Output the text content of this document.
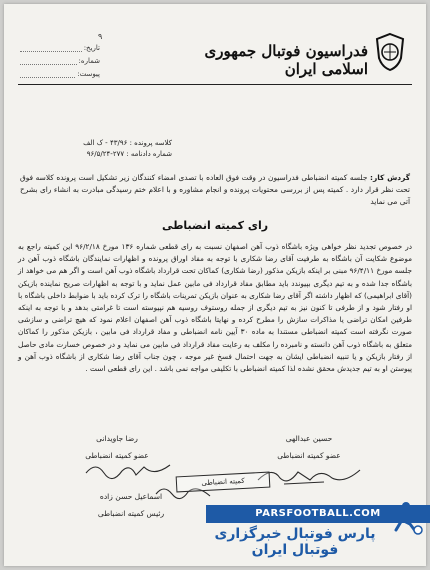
فدراسیون فوتبال جمهوری اسلامی ایران
۹
تاریخ:
شماره:
پیوست:
کلاسه پرونده : ۴۳/۹۶ - ک الف
شماره دادنامه : ۲۷۷-۹۶/۵/۲۴
گردش کار: جلسه کمیته انضباطی فدراسیون در وقت فوق العاده با تصدی امضاء کنندگان زیر تشکیل است پرونده کلاسه فوق تحت نظر قرار دارد . کمیته پس از بررسی محتویات پرونده و انجام مشاوره و با اعلام ختم رسیدگی مبادرت به انشاء رای بشرح آتی می نماید
رای کمیته انضباطی
در خصوص تجدید نظر خواهی ویژه باشگاه ذوب آهن اصفهان نسبت به رای قطعی شماره ۱۳۶ مورخ ۹۶/۲/۱۸ این کمیته راجع به موضوع شکایت آن باشگاه به طرفیت آقای رضا شکاری با توجه به مفاد اوراق پرونده و اظهارات نمایندگان باشگاه ذوب آهن در جلسه مورخ ۹۶/۴/۱۱ مبنی بر اینکه بازیکن مذکور (رضا شکاری) کماکان تحت قرارداد باشگاه ذوب آهن است و اگر هم می خواهد از باشگاه جدا شده و به تیم دیگری بپیوندد باید مطابق مفاد قرارداد فی مابین عمل نماید و با توجه به اظهارات صریح نماینده بازیکن (آقای ابراهیمی) که اظهار داشته اگر آقای رضا شکاری به عنوان بازیکن تمرینات باشگاه را ترک کرده باید با ضوابط داخلی باشگاه با او رفتار شود و از طرفی تا کنون نیز به تیم دیگری از جمله روستوف روسیه هم نپیوسته است تا غرامتی بدهد و با توجه به اینکه طرفین امکان تراضی یا مذاکرات سازش را مطرح کرده و نهایتا باشگاه ذوب آهن اصفهان اعلام نمود که هیچ تراضی و سازشی صورت نگرفته است کمیته انضباطی مستندا به ماده ۳۰ آیین نامه انضباطی و مفاد قرارداد فی مابین ، بازیکن مذکور را کماکان متعلق به باشگاه ذوب آهن دانسته و نامبرده را مکلف به رعایت مفاد قرارداد فی مابین می نماید و در خصوص خسارت مادی حاصل از رفتار بازیکن و یا تنبیه انضباطی ایشان به جهت احتمال فسخ غیر موجه ، چون جناب آقای رضا شکاری از باشگاه ذوب آهن و پیوستن او به تیم جدیدش محقق نشده لذا کمیته انضباطی با تکلیفی مواجه نمی باشد . این رای قطعی است .
حسین عبدالهی
عضو کمیته انضباطی
رضا جاویدانی
عضو کمیته انضباطی
اسماعیل حسن زاده
رئیس کمیته انضباطی
کمیته انضباطی
PARSFOOTBALL.COM
پارس فوتبال خبرگزاری فوتبال ایران
